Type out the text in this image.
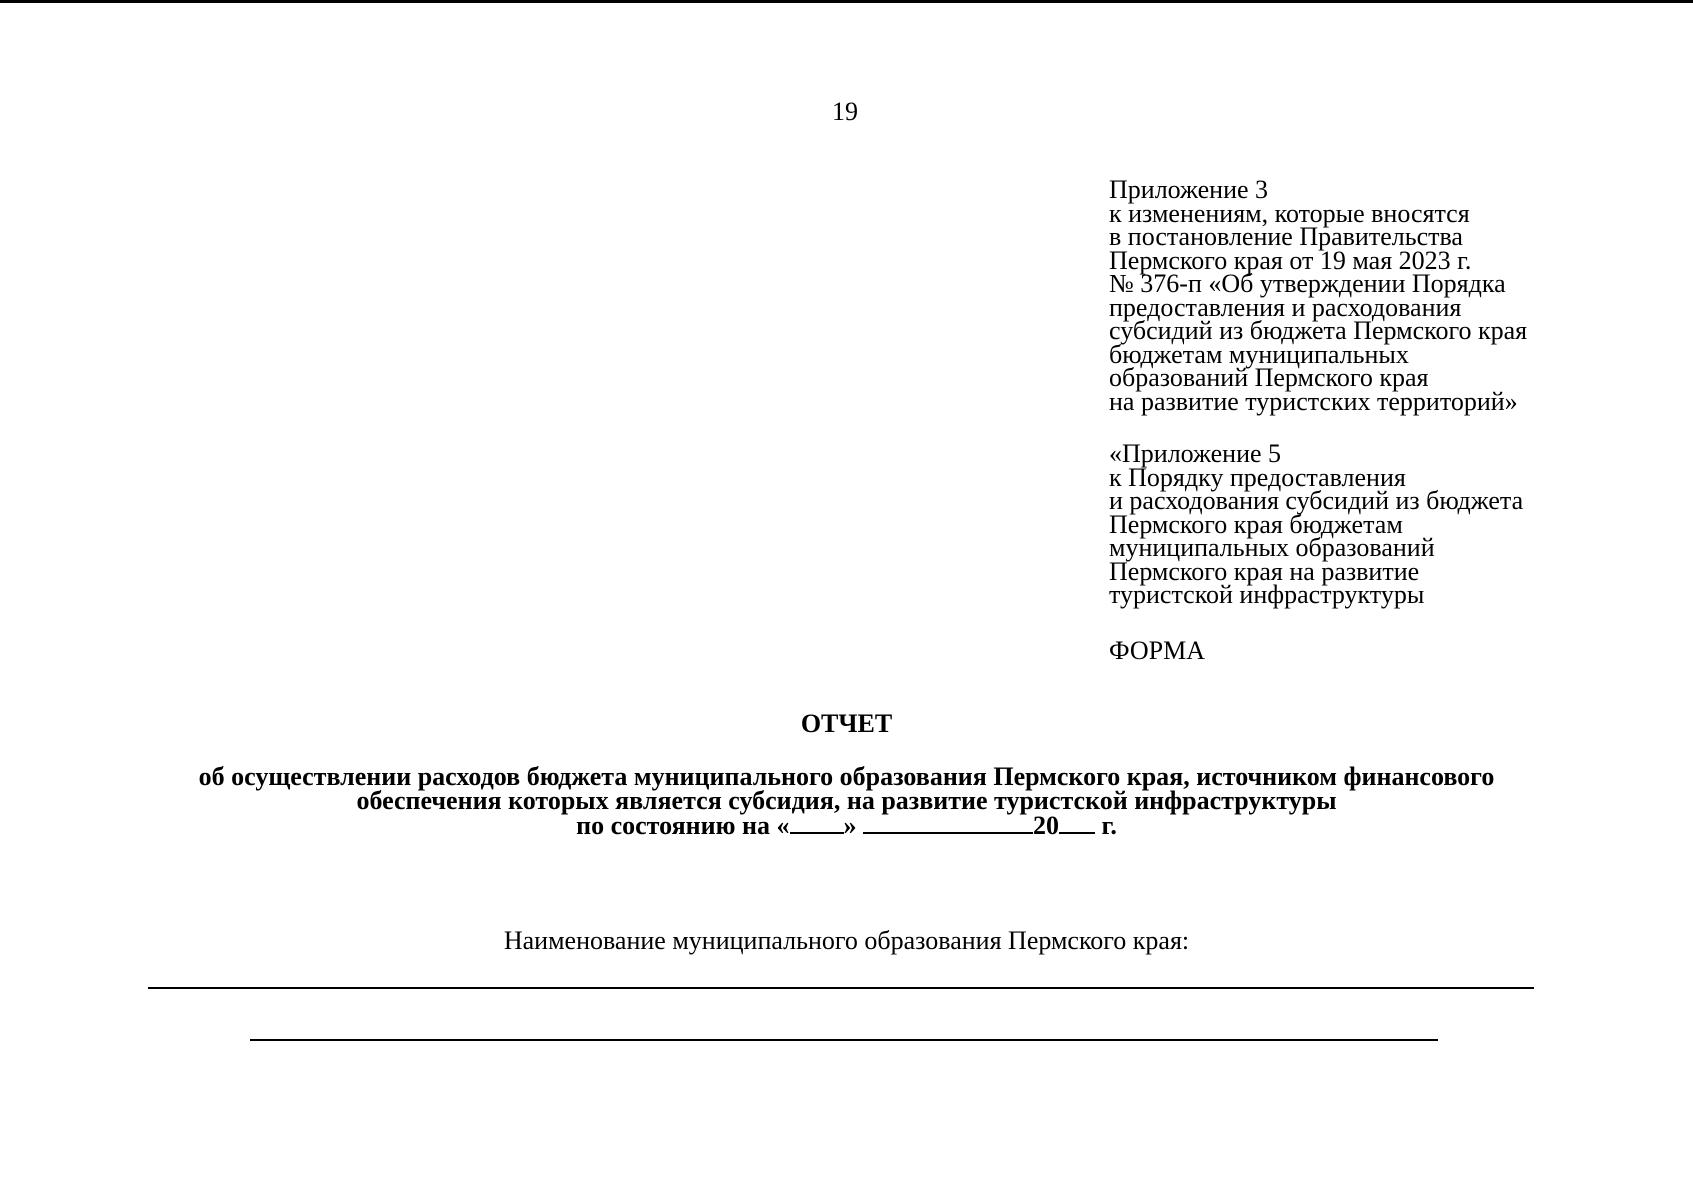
19
Приложение 3
к изменениям, которые вносятся
в постановление Правительства
Пермского края от 19 мая 2023 г.
№ 376-п «Об утверждении Порядка
предоставления и расходования
субсидий из бюджета Пермского края
бюджетам муниципальных
образований Пермского края
на развитие туристских территорий»
«Приложение 5
к Порядку предоставления
и расходования субсидий из бюджета
Пермского края бюджетам
муниципальных образований
Пермского края на развитие
туристской инфраструктуры
ФОРМА
ОТЧЕТ
об осуществлении расходов бюджета муниципального образования Пермского края, источником финансового
обеспечения которых является субсидия, на развитие туристской инфраструктуры
по состоянию на « »	20 г.
Наименование муниципального образования Пермского края:
